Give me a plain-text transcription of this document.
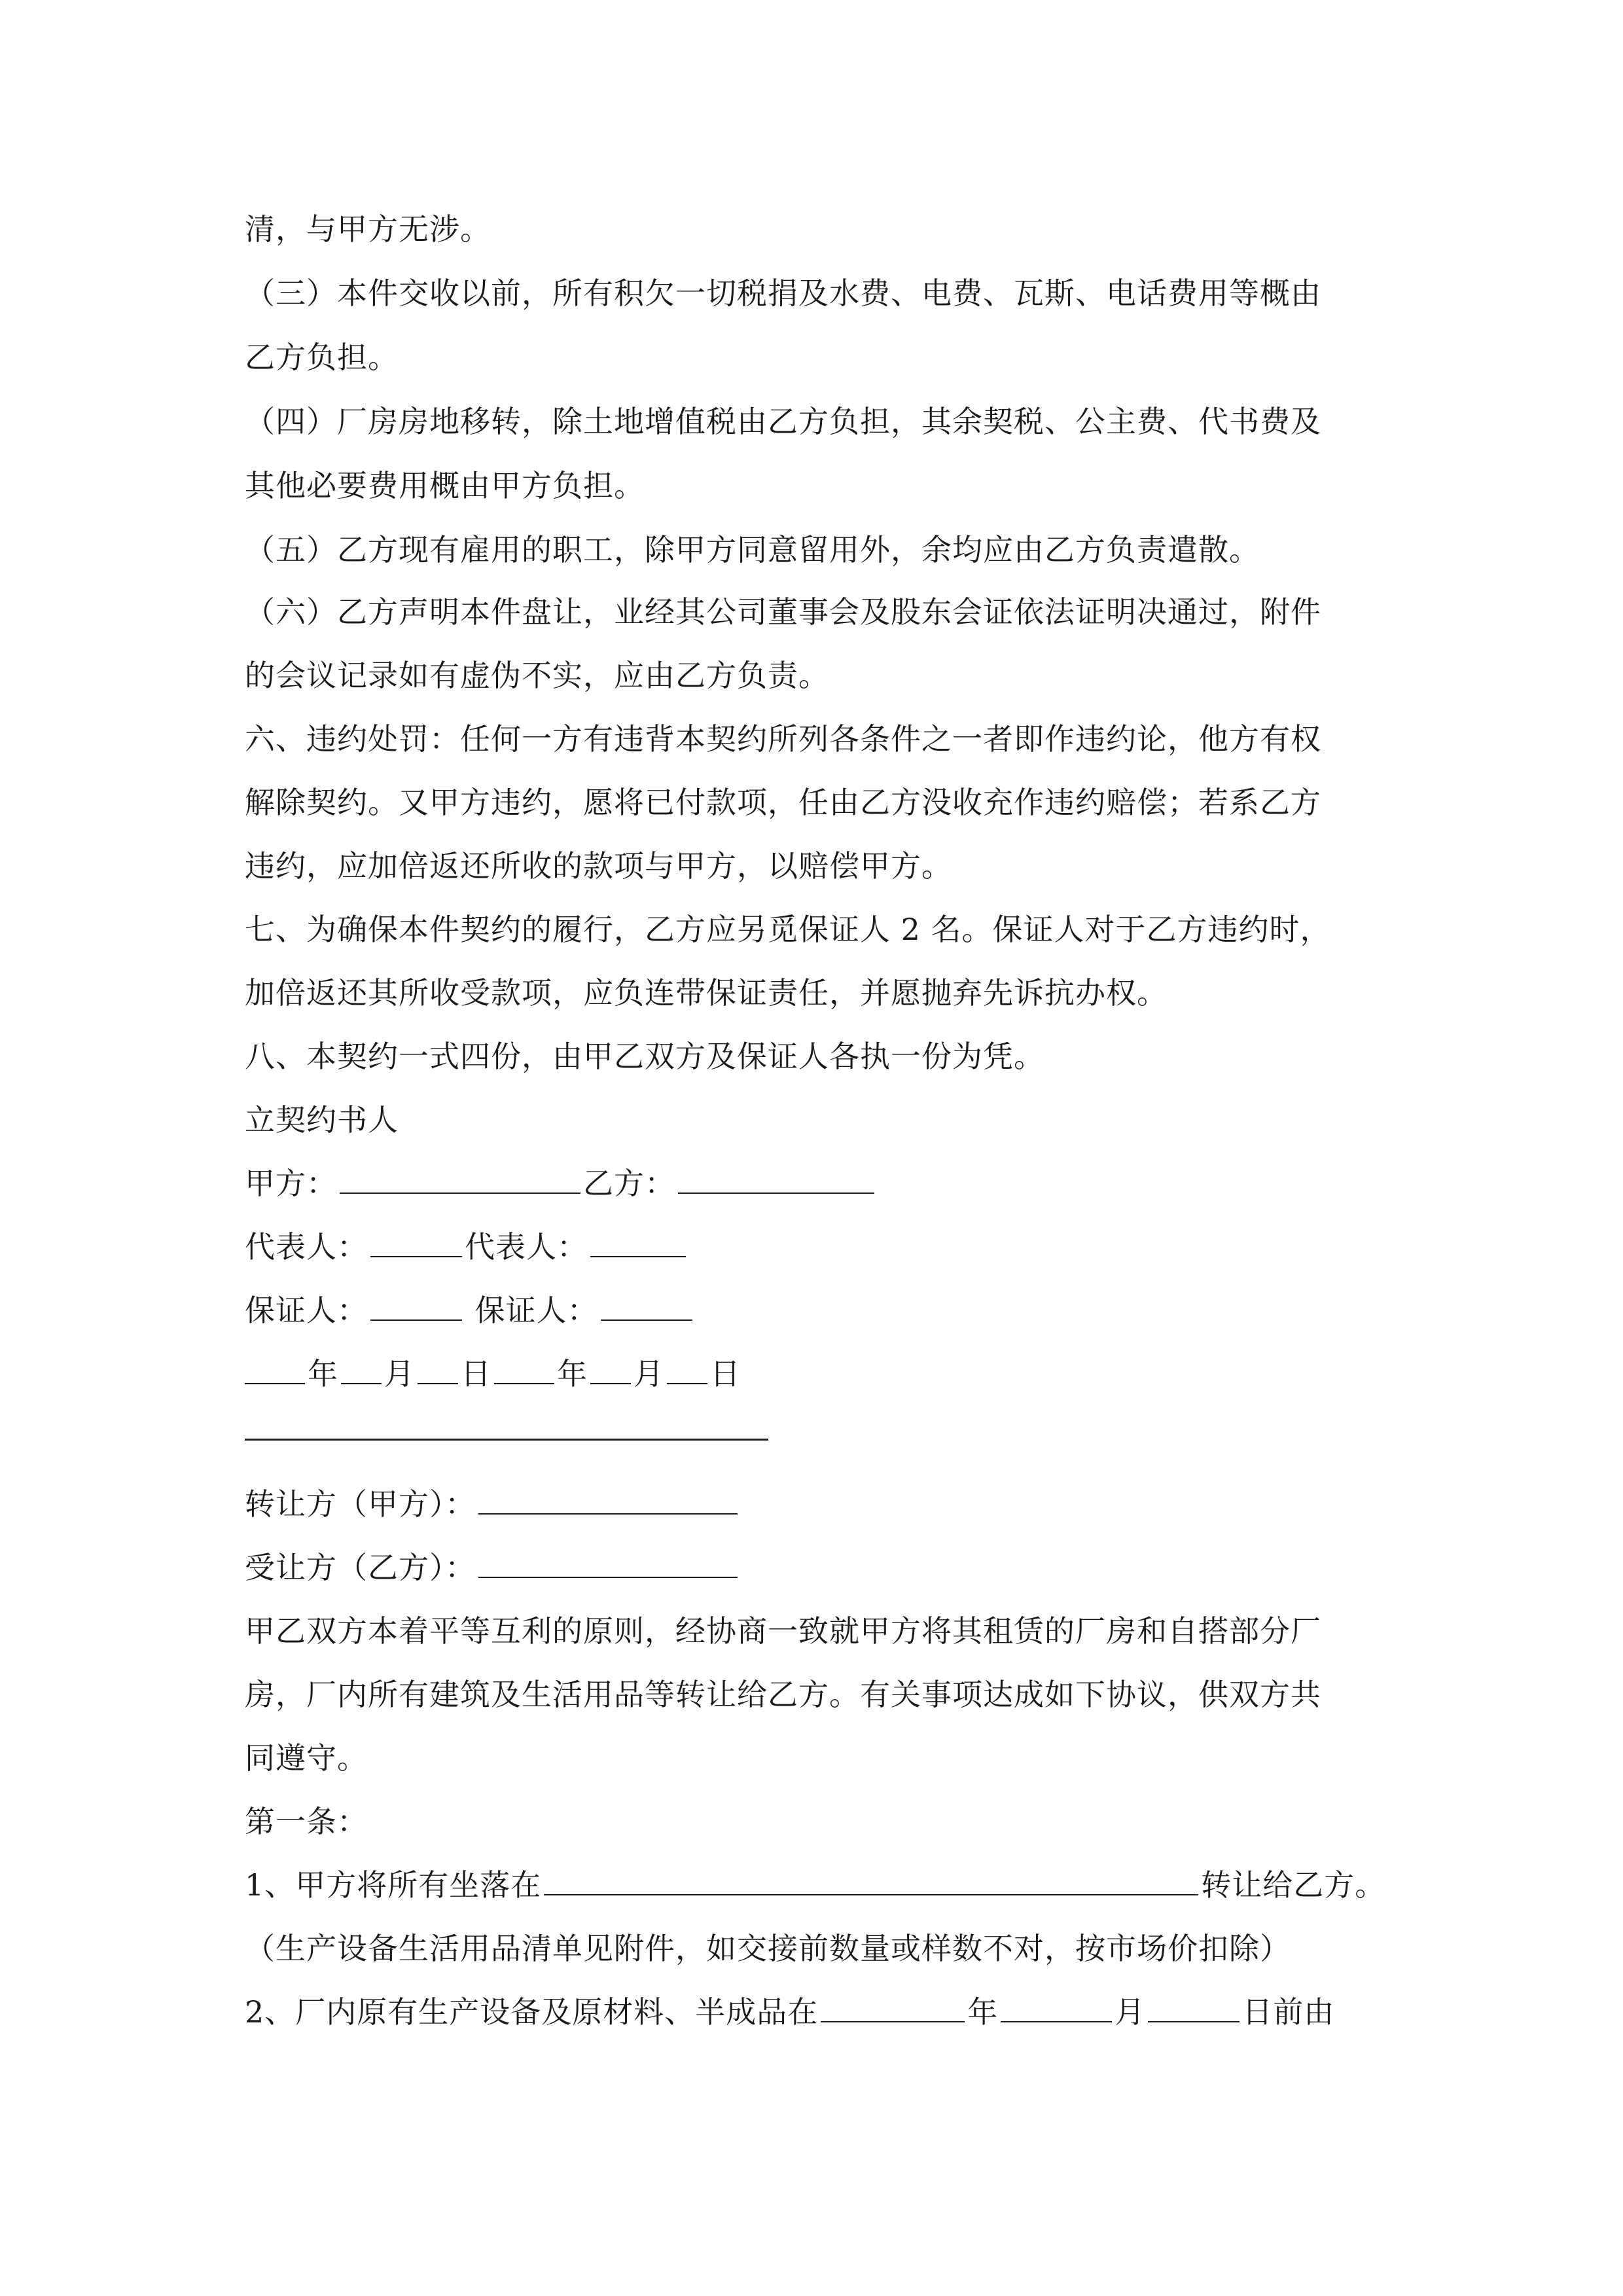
清，与甲方无涉。
（三）本件交收以前，所有积欠一切税捐及水费、电费、瓦斯、电话费用等概由
乙方负担。
（四）厂房房地移转，除土地增值税由乙方负担，其余契税、公主费、代书费及
其他必要费用概由甲方负担。
（五）乙方现有雇用的职工，除甲方同意留用外，余均应由乙方负责遣散。
（六）乙方声明本件盘让，业经其公司董事会及股东会证依法证明决通过，附件
的会议记录如有虚伪不实，应由乙方负责。
六、违约处罚：任何一方有违背本契约所列各条件之一者即作违约论，他方有权
解除契约。又甲方违约，愿将已付款项，任由乙方没收充作违约赔偿；若系乙方
违约，应加倍返还所收的款项与甲方，以赔偿甲方。
七、为确保本件契约的履行，乙方应另觅保证人 2 名。保证人对于乙方违约时，
加倍返还其所收受款项，应负连带保证责任，并愿抛弃先诉抗办权。
八、本契约一式四份，由甲乙双方及保证人各执一份为凭。
立契约书人
甲方：	乙方：
代表人：	代表人：
保证人：	保证人：
年 月 日 年 月 日
转让方（甲方）：
受让方（乙方）：
甲乙双方本着平等互利的原则，经协商一致就甲方将其租赁的厂房和自搭部分厂
房，厂内所有建筑及生活用品等转让给乙方。有关事项达成如下协议，供双方共
同遵守。
第一条：
1、甲方将所有坐落在	转让给乙方。
（生产设备生活用品清单见附件，如交接前数量或样数不对，按市场价扣除）
2、厂内原有生产设备及原材料、半成品在	年	月	日前由
